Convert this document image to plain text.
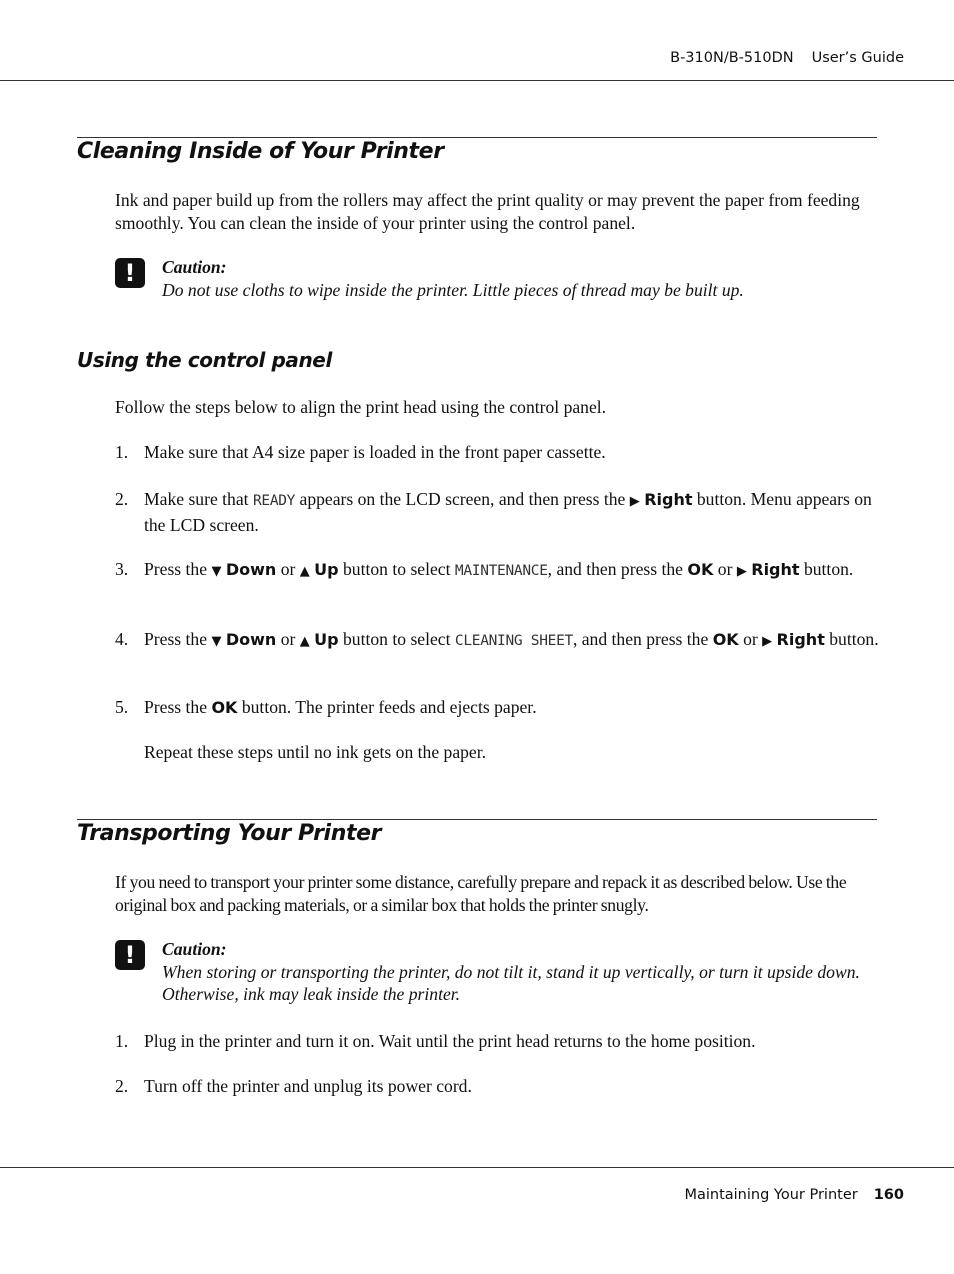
B-310N/B-510DN User’s Guide
Cleaning Inside of Your Printer

Ink and paper build up from the rollers may affect the print quality or may prevent the paper from feeding smoothly. You can clean the inside of your printer using the control panel.

!	Caution:
Do not use cloths to wipe inside the printer. Little pieces of thread may be built up.
Using the control panel

Follow the steps below to align the print head using the control panel.

1. Make sure that A4 size paper is loaded in the front paper cassette.
2. Make sure that READY appears on the LCD screen, and then press the ▶ Right button. Menu appears on the LCD screen.
3. Press the ▼ Down or ▲ Up button to select MAINTENANCE, and then press the OK or ▶ Right button.
4. Press the ▼ Down or ▲ Up button to select CLEANING SHEET, and then press the OK or ▶ Right button.
5. Press the OK button. The printer feeds and ejects paper.
Repeat these steps until no ink gets on the paper.
Transporting Your Printer

If you need to transport your printer some distance, carefully prepare and repack it as described below. Use the original box and packing materials, or a similar box that holds the printer snugly.

!	Caution:
When storing or transporting the printer, do not tilt it, stand it up vertically, or turn it upside down. Otherwise, ink may leak inside the printer.
1. Plug in the printer and turn it on. Wait until the print head returns to the home position.
2. Turn off the printer and unplug its power cord.
Maintaining Your Printer 160
